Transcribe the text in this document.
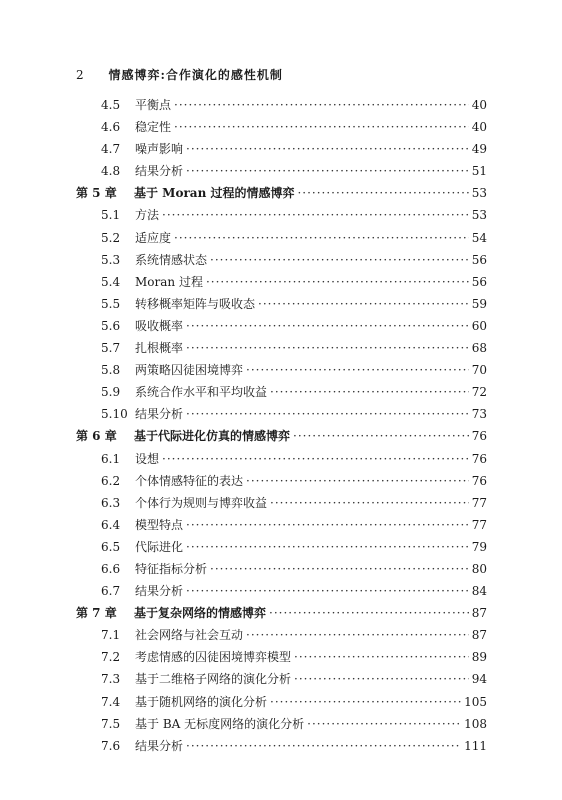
2 情感博弈:合作演化的感性机制
4.5	平衡点 ·····	40
4.6	稳定性 ·····	40
4.7	噪声影响 ·····	49
4.8	结果分析 ·····	51
第 5 章	基于 Moran 过程的情感博弈 ·····	53
5.1	方法 ·····	53
5.2	适应度 ·····	54
5.3	系统情感状态 ·····	56
5.4	Moran 过程 ·····	56
5.5	转移概率矩阵与吸收态 ·····	59
5.6	吸收概率 ·····	60
5.7	扎根概率 ·····	68
5.8	两策略囚徒困境博弈 ·····	70
5.9	系统合作水平和平均收益 ·····	72
5.10 结果分析 ·····	73
第 6 章	基于代际进化仿真的情感博弈 ·····	76
6.1	设想 ·····	76
6.2	个体情感特征的表达 ·····	76
6.3	个体行为规则与博弈收益 ·····	77
6.4	模型特点 ·····	77
6.5	代际进化 ·····	79
6.6	特征指标分析 ·····	80
6.7	结果分析 ·····	84
第 7 章	基于复杂网络的情感博弈 ·····	87
7.1	社会网络与社会互动 ·····	87
7.2	考虑情感的囚徒困境博弈模型 ·····	89
7.3	基于二维格子网络的演化分析 ·····	94
7.4	基于随机网络的演化分析 ·····	105
7.5	基于 BA 无标度网络的演化分析 ·····	108
7.6	结果分析 ·····	111
